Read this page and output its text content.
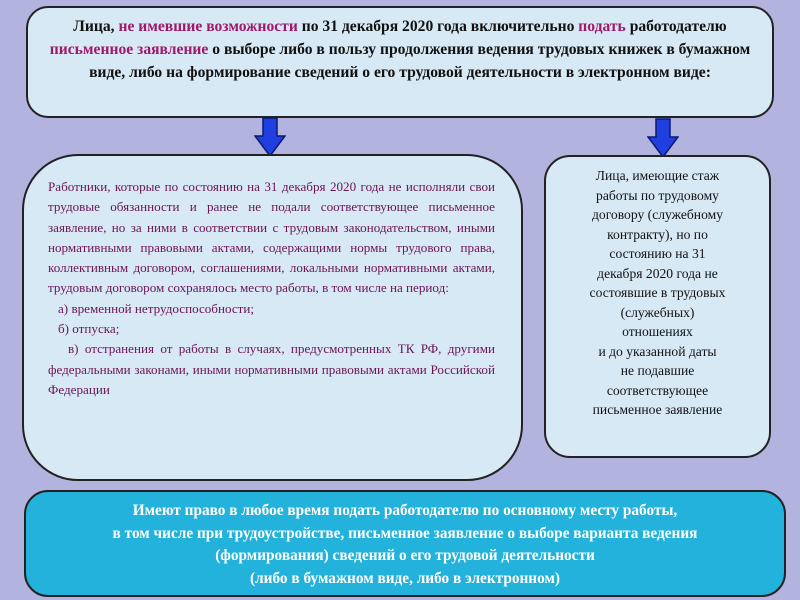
Лица, не имевшие возможности по 31 декабря 2020 года включительно подать работодателю письменное заявление о выборе либо в пользу продолжения ведения трудовых книжек в бумажном виде, либо на формирование сведений о его трудовой деятельности в электронном виде:

Работники, которые по состоянию на 31 декабря 2020 года не исполняли свои трудовые обязанности и ранее не подали соответствующее письменное заявление, но за ними в соответствии с трудовым законодательством, иными нормативными правовыми актами, содержащими нормы трудового права, коллективным договором, соглашениями, локальными нормативными актами, трудовым договором сохранялось место работы, в том числе на период:

а) временной нетрудоспособности;

б) отпуска;

в) отстранения от работы в случаях, предусмотренных ТК РФ, другими федеральными законами, иными нормативными правовыми актами Российской Федерации

Лица, имеющие стаж
работы по трудовому
договору (служебному
контракту), но по
состоянию на 31
декабря 2020 года не
состоявшие в трудовых
(служебных)
отношениях
и до указанной даты
не подавшие
соответствующее
письменное заявление
Имеют право в любое время подать работодателю по основному месту работы,
в том числе при трудоустройстве, письменное заявление о выборе варианта ведения
(формирования) сведений о его трудовой деятельности
(либо в бумажном виде, либо в электронном)
